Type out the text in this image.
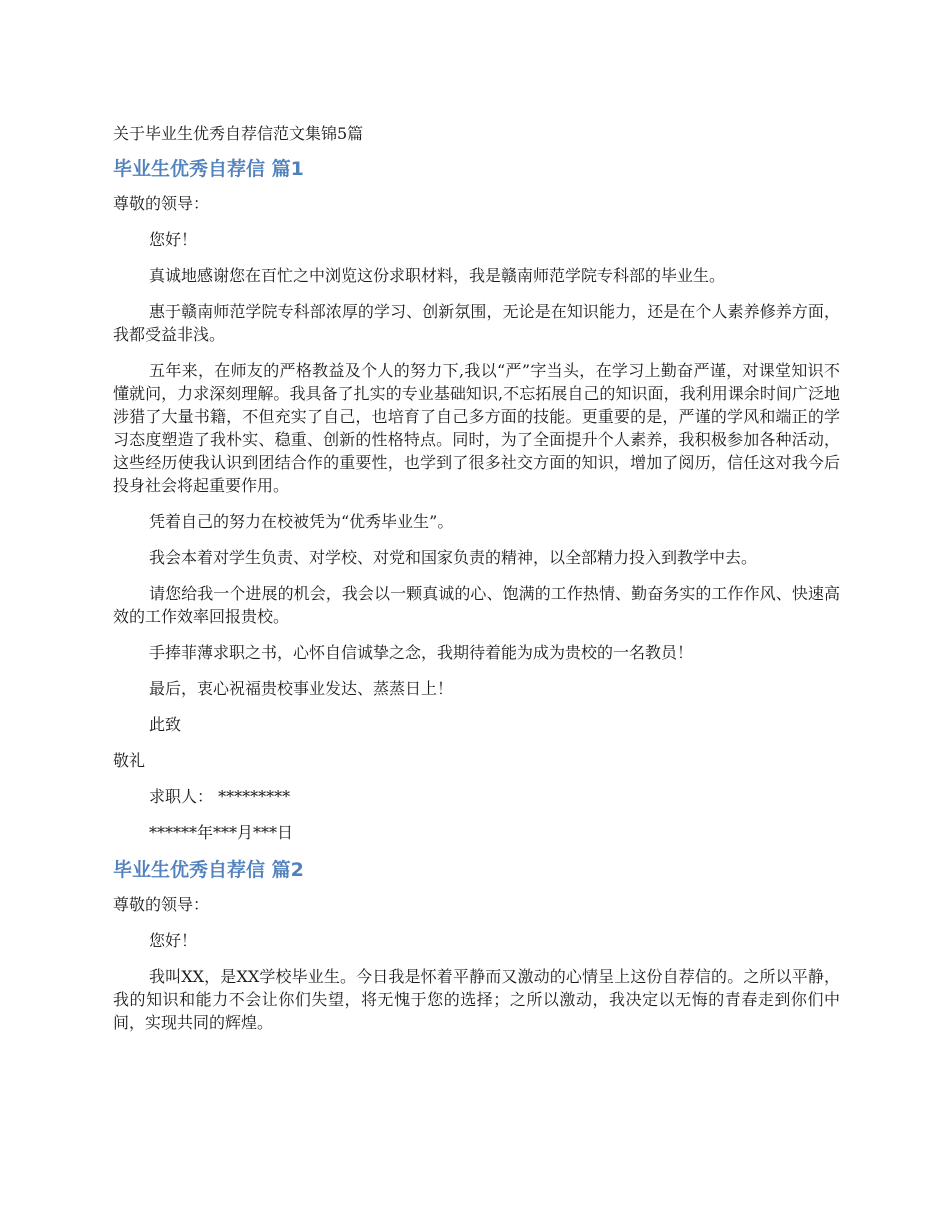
关于毕业生优秀自荐信范文集锦5篇
毕业生优秀自荐信 篇1

尊敬的领导：

您好！

真诚地感谢您在百忙之中浏览这份求职材料，我是赣南师范学院专科部的毕业生。

惠于赣南师范学院专科部浓厚的学习、创新氛围，无论是在知识能力，还是在个人素养修养方面，我都受益非浅。

五年来，在师友的严格教益及个人的努力下,我以“严”字当头，在学习上勤奋严谨，对课堂知识不懂就问，力求深刻理解。我具备了扎实的专业基础知识,不忘拓展自己的知识面，我利用课余时间广泛地涉猎了大量书籍，不但充实了自己，也培育了自己多方面的技能。更重要的是，严谨的学风和端正的学习态度塑造了我朴实、稳重、创新的性格特点。同时，为了全面提升个人素养，我积极参加各种活动，这些经历使我认识到团结合作的重要性，也学到了很多社交方面的知识，增加了阅历，信任这对我今后投身社会将起重要作用。

凭着自己的努力在校被凭为“优秀毕业生”。

我会本着对学生负责、对学校、对党和国家负责的精神，以全部精力投入到教学中去。

请您给我一个进展的机会，我会以一颗真诚的心、饱满的工作热情、勤奋务实的工作作风、快速高效的工作效率回报贵校。

手捧菲薄求职之书，心怀自信诚挚之念，我期待着能为成为贵校的一名教员！

最后，衷心祝福贵校事业发达、蒸蒸日上！

此致

敬礼

求职人： *********

******年***月***日

毕业生优秀自荐信 篇2

尊敬的领导：

您好！

我叫XX，是XX学校毕业生。今日我是怀着平静而又激动的心情呈上这份自荐信的。之所以平静，我的知识和能力不会让你们失望，将无愧于您的选择；之所以激动，我决定以无悔的青春走到你们中间，实现共同的辉煌。
